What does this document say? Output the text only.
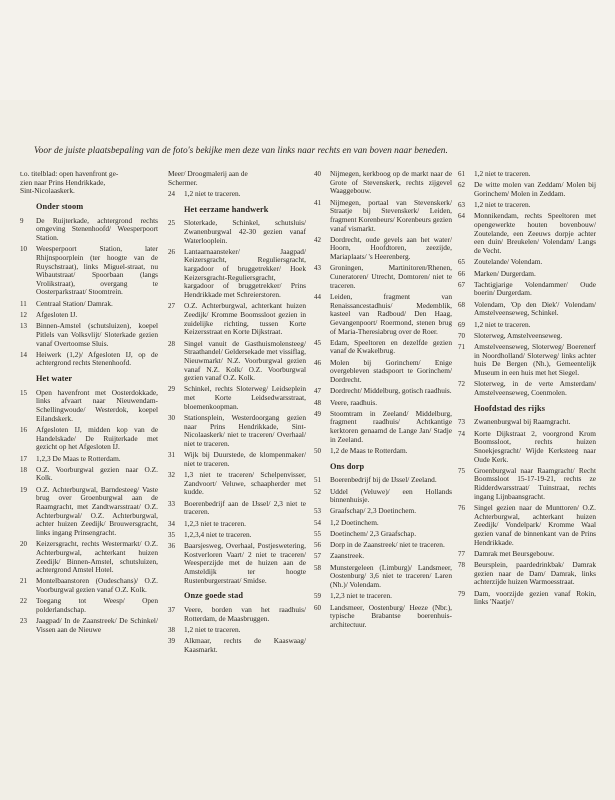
Voor de juiste plaatsbepaling van de foto's bekijke men deze van links naar rechts en van boven naar beneden.
t.o. titelblad: open havenfront ge-
zien naar Prins Hendrikkade,
Sint-Nicolaaskerk.
Onder stoom
9	De Ruijterkade, achtergrond rechts omgeving Stenenhoofd/ Weesperpoort Station.
10	Weesperpoort Station, later Rhijnspoorplein (ter hoogte van de Ruyschstraat), links Miguel-straat, nu Wibautstraat/ Spoorbaan (langs Vrolikstraat), overgang te Oosterparkstraat/ Stoomtrein.
11	Centraal Station/ Damrak.
12	Afgesloten IJ.
13	Binnen-Amstel (schutsluizen), koepel Pitlels van Volksvlijt/ Sloterkade gezien vanaf Overtoomse Sluis.
14	Heiwerk (1,2)/ Afgesloten IJ, op de achtergrond rechts Stenenhoofd.
Het water
15	Open havenfront met Oosterdokkade, links afvaart naar Nieuwendam-Schellingwoude/ Westerdok, koepel Eilandskerk.
16	Afgesloten IJ, midden kop van de Handelskade/ De Ruijterkade met gezicht op het Afgesloten IJ.
17	1,2,3 De Maas te Rotterdam.
18	O.Z. Voorburgwal gezien naar O.Z. Kolk.
19	O.Z. Achterburgwal, Barndesteeg/ Vaste brug over Groenburgwal aan de Raamgracht, met Zandtwarsstraat/ O.Z. Achterburgwal/ O.Z. Achterburgwal, achter huizen Zeedijk/ Brouwersgracht, links ingang Prinsengracht.
20	Keizersgracht, rechts Westermarkt/ O.Z. Achterburgwal, achterkant huizen Zeedijk/ Binnen-Amstel, schutsluizen, achtergrond Amstel Hotel.
21	Montelbaanstoren (Oudeschans)/ O.Z. Voorburgwal gezien vanaf O.Z. Kolk.
22	Toegang tot Weesp/ Open polderlandschap.
23	Jaagpad/ In de Zaanstreek/ De Schinkel/ Vissen aan de Nieuwe
Meer/ Droogmalerij aan de
Schermer.
24	1,2 niet te traceren.
Het eerzame handwerk
25	Sloterkade, Schinkel, schutsluis/ Zwanenburgwal 42-30 gezien vanaf Waterlooplein.
26	Lantaarnaansteker/ Jaagpad/ Keizersgracht, Reguliersgracht, kargadoor of bruggetrekker/ Hoek Keizersgracht-Reguliersgracht, kargadoor of bruggetrekker/ Prins Hendrikkade met Schreierstoren.
27	O.Z. Achterburgwal, achterkant huizen Zeedijk/ Kromme Boomssloot gezien in zuidelijke richting, tussen Korte Keizersstraat en Korte Dijkstraat.
28	Singel vanuit de Gasthuismolensteeg/ Straathandel/ Geldersekade met vissiflag, Nieuwmarkt/ N.Z. Voorburgwal gezien vanaf N.Z. Kolk/ O.Z. Voorburgwal gezien vanaf O.Z. Kolk.
29	Schinkel, rechts Sloterweg/ Leidseplein met Korte Leidsedwarsstraat, bloemenkoopman.
30	Stationsplein, Westerdoorgang gezien naar Prins Hendrikkade, Sint-Nicolaaskerk/ niet te traceren/ Overhaal/ niet te traceren.
31	Wijk bij Duurstede, de klompenmaker/ niet te traceren.
32	1,3 niet te traceren/ Schelpenvisser, Zandvoort/ Veluwe, schaapherder met kudde.
33	Boerenbedrijf aan de IJssel/ 2,3 niet te traceren.
34	1,2,3 niet te traceren.
35	1,2,3,4 niet te traceren.
36	Baarsjesweg, Overhaal, Postjeswetering, Kostverloren Vaart/ 2 niet te traceren/ Weesperzijde met de huizen aan de Amsteldijk ter hoogte Rustenburgerstraat/ Smidse.
Onze goede stad
37	Veere, borden van het raadhuis/ Rotterdam, de Maasbruggen.
38	1,2 niet te traceren.
39	Alkmaar, rechts de Kaaswaag/ Kaasmarkt.
40	Nijmegen, kerkboog op de markt naar de Grote of Stevenskerk, rechts zijgevel Waaggebouw.
41	Nijmegen, portaal van Stevenskerk/ Straatje bij Stevenskerk/ Leiden, fragment Korenbeurs/ Korenbeurs gezien vanaf vismarkt.
42	Dordrecht, oude gevels aan het water/ Hoorn, Hoofdtoren, zeezijde, Mariaplaats/ 's Heerenberg.
43	Groningen, Martinitoren/Rhenen, Cuneratoren/ Utrecht, Domtoren/ niet te traceren.
44	Leiden, fragment van Renaissancestadhuis/ Medemblik, kasteel van Radboud/ Den Haag, Gevangenpoort/ Roermond, stenen brug of Maria-Theresiabrug over de Roer.
45	Edam, Speeltoren en dezelfde gezien vanaf de Kwakelbrug.
46	Molen bij Gorinchem/ Enige overgebleven stadspoort te Gorinchem/ Dordrecht.
47	Dordrecht/ Middelburg, gotisch raadhuis.
48	Veere, raadhuis.
49	Stoomtram in Zeeland/ Middelburg, fragment raadhuis/ Achtkantige kerktoren genaamd de Lange Jan/ Stadje in Zeeland.
50	1,2 de Maas te Rotterdam.
Ons dorp
51	Boerenbedrijf bij de IJssel/ Zeeland.
52	Uddel (Veluwe)/ een Hollands binnenhuisje.
53	Graafschap/ 2,3 Doetinchem.
54	1,2 Doetinchem.
55	Doetinchem/ 2,3 Graafschap.
56	Dorp in de Zaanstreek/ niet te traceren.
57	Zaanstreek.
58	Munstergeleen (Limburg)/ Landsmeer, Oostenburg/ 3,6 niet te traceren/ Laren (Nh.)/ Volendam.
59	1,2,3 niet te traceren.
60	Landsmeer, Oostenburg/ Heeze (Nbr.), typische Brabantse boerenhuis-architectuur.
61	1,2 niet te traceren.
62	De witte molen van Zeddam/ Molen bij Gorinchem/ Molen in Zeddam.
63	1,2 niet te traceren.
64	Monnikendam, rechts Speeltoren met opengewerkte houten bovenbouw/ Zoutelande, een Zeeuws dorpje achter een duin/ Breukelen/ Volendam/ Langs de Vecht.
65	Zoutelande/ Volendam.
66	Marken/ Durgerdam.
67	Tachtigjarige Volendammer/ Oude boerin/ Durgerdam.
68	Volendam, 'Op den Diek'/ Volendam/ Amstelveenseweg, Schinkel.
69	1,2 niet te traceren.
70	Sloterweg, Amstelveenseweg.
71	Amstelveenseweg, Sloterweg/ Boerenerf in Noordholland/ Sloterweg/ links achter huis De Bergen (Nh.), Gemeentelijk Museum in een huis met het Siegel.
72	Sloterweg, in de verte Amsterdam/ Amstelveenseweg, Coenmolen.
Hoofdstad des rijks
73	Zwanenburgwal bij Raamgracht.
74	Korte Dijkstraat 2, voorgrond Krom Boomssloot, rechts huizen Snoekjesgracht/ Wijde Kerksteeg naar Oude Kerk.
75	Groenburgwal naar Raamgracht/ Recht Boomssloot 15-17-19-21, rechts ze Ridderdwarsstraat/ Tuinstraat, rechts ingang Lijnbaansgracht.
76	Singel gezien naar de Munttoren/ O.Z. Achterburgwal, achterkant huizen Zeedijk/ Vondelpark/ Kromme Waal gezien vanaf de binnenkant van de Prins Hendrikkade.
77	Damrak met Beursgebouw.
78	Beursplein, paardedrinkbak/ Damrak gezien naar de Dam/ Damrak, links achterzijde huizen Warmoesstraat.
79	Dam, voorzijde gezien vanaf Rokin, links 'Naatje'/
